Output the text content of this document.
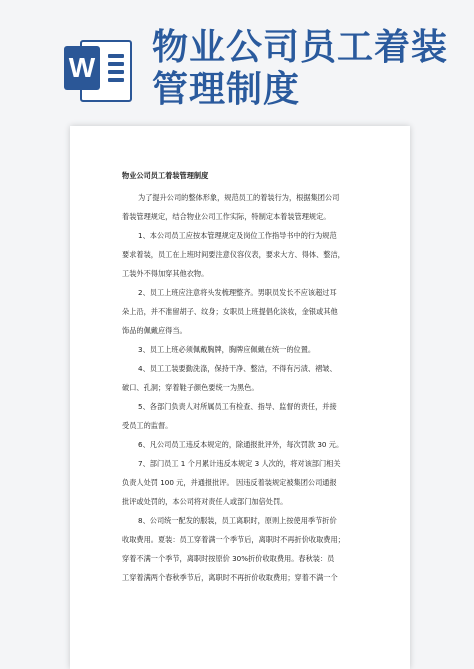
W 物业公司员工着装
管理制度
物业公司员工着装管理制度

为了提升公司的整体形象，规范员工的着装行为，根据集团公司

着装管理规定，结合物业公司工作实际，特制定本着装管理规定。

1、本公司员工应按本管理规定及岗位工作指导书中的行为规范

要求着装，员工在上班时间要注意仪容仪表，要求大方、得体、整洁，

工装外不得加穿其他衣物。

2、员工上班应注意将头发梳理整齐。男职员发长不应该超过耳

朵上沿，并不准留胡子、纹身；女职员上班提倡化淡妆，金银或其他

饰品的佩戴应得当。

3、员工上班必须佩戴胸牌，胸牌应佩戴在统一的位置。

4、员工工装要勤洗涤，保持干净、整洁，不得有污渍、褶皱、

破口、孔洞；穿着鞋子颜色要统一为黑色。

5、各部门负责人对所属员工有检查、指导、监督的责任，并接

受员工的监督。

6、凡公司员工违反本规定的，除通报批评外，每次罚款 30 元。

7、部门员工 1 个月累计违反本规定 3 人次的，将对该部门相关

负责人处罚 100 元，并通报批评。 因违反着装规定被集团公司通报

批评或处罚的，本公司将对责任人或部门加倍处罚。

8、公司统一配发的服装，员工离职时，原则上按使用季节折价

收取费用。夏装：员工穿着满一个季节后，离职时不再折价收取费用；

穿着不满一个季节，离职时按原价 30%折价收取费用。春秋装：员

工穿着满两个春秋季节后，离职时不再折价收取费用；穿着不满一个
